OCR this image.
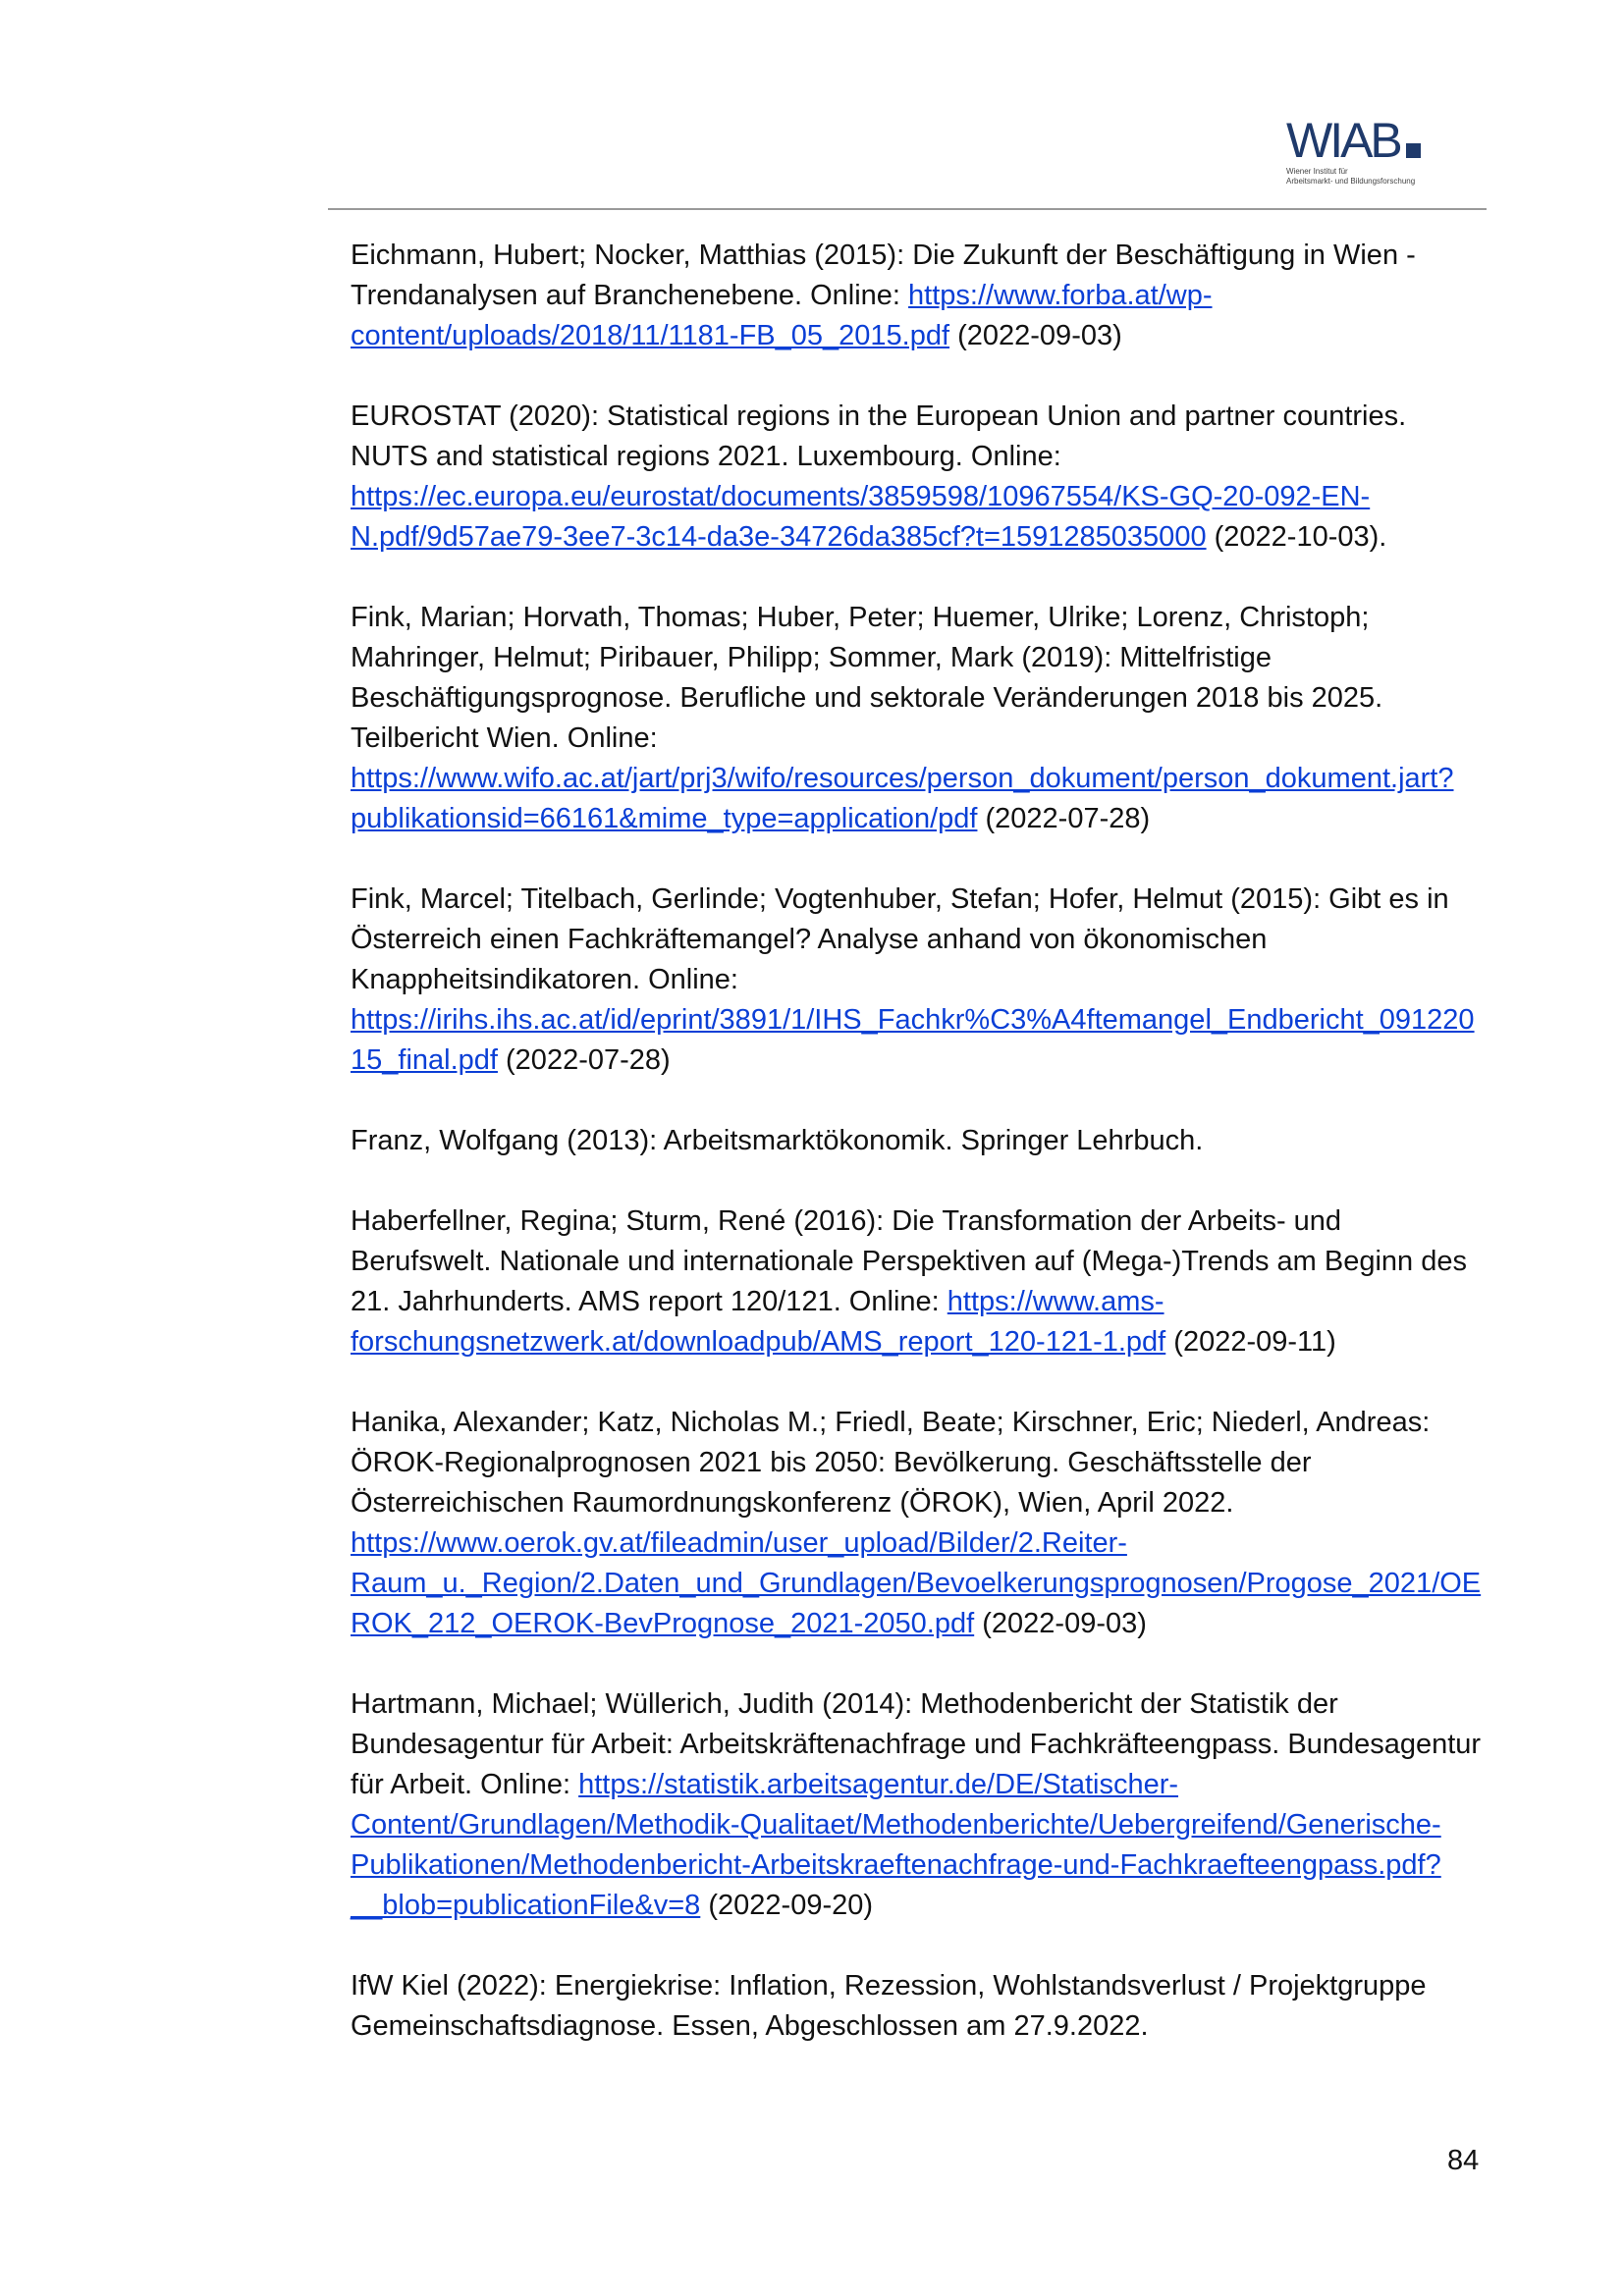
WIAB
Wiener Institut für
Arbeitsmarkt- und Bildungsforschung

Eichmann, Hubert; Nocker, Matthias (2015): Die Zukunft der Beschäftigung in Wien - Trendanalysen auf Branchenebene. Online: https://www.forba.at/wp-content/uploads/2018/11/1181-FB_05_2015.pdf (2022-09-03)

EUROSTAT (2020): Statistical regions in the European Union and partner countries. NUTS and statistical regions 2021. Luxembourg. Online: https://ec.europa.eu/eurostat/documents/3859598/10967554/KS-GQ-20-092-EN-N.pdf/9d57ae79-3ee7-3c14-da3e-34726da385cf?t=1591285035000 (2022-10-03).

Fink, Marian; Horvath, Thomas; Huber, Peter; Huemer, Ulrike; Lorenz, Christoph; Mahringer, Helmut; Piribauer, Philipp; Sommer, Mark (2019): Mittelfristige Beschäftigungsprognose. Berufliche und sektorale Veränderungen 2018 bis 2025. Teilbericht Wien. Online:
https://www.wifo.ac.at/jart/prj3/wifo/resources/person_dokument/person_dokument.jart?publikationsid=66161&mime_type=application/pdf (2022-07-28)

Fink, Marcel; Titelbach, Gerlinde; Vogtenhuber, Stefan; Hofer, Helmut (2015): Gibt es in Österreich einen Fachkräftemangel? Analyse anhand von ökonomischen Knappheitsindikatoren. Online:
https://irihs.ihs.ac.at/id/eprint/3891/1/IHS_Fachkr%C3%A4ftemangel_Endbericht_09122015_final.pdf (2022-07-28)

Franz, Wolfgang (2013): Arbeitsmarktökonomik. Springer Lehrbuch.

Haberfellner, Regina; Sturm, René (2016): Die Transformation der Arbeits- und Berufswelt. Nationale und internationale Perspektiven auf (Mega-)Trends am Beginn des 21. Jahrhunderts. AMS report 120/121. Online: https://www.ams-forschungsnetzwerk.at/downloadpub/AMS_report_120-121-1.pdf (2022-09-11)

Hanika, Alexander; Katz, Nicholas M.; Friedl, Beate; Kirschner, Eric; Niederl, Andreas: ÖROK-Regionalprognosen 2021 bis 2050: Bevölkerung. Geschäftsstelle der Österreichischen Raumordnungskonferenz (ÖROK), Wien, April 2022.
https://www.oerok.gv.at/fileadmin/user_upload/Bilder/2.Reiter-Raum_u._Region/2.Daten_und_Grundlagen/Bevoelkerungsprognosen/Progose_2021/OEROK_212_OEROK-BevPrognose_2021-2050.pdf (2022-09-03)

Hartmann, Michael; Wüllerich, Judith (2014): Methodenbericht der Statistik der Bundesagentur für Arbeit: Arbeitskräftenachfrage und Fachkräfteengpass. Bundesagentur für Arbeit. Online: https://statistik.arbeitsagentur.de/DE/Statischer-Content/Grundlagen/Methodik-Qualitaet/Methodenberichte/Uebergreifend/Generische-Publikationen/Methodenbericht-Arbeitskraeftenachfrage-und-Fachkraefteengpass.pdf?__blob=publicationFile&v=8 (2022-09-20)

IfW Kiel (2022): Energiekrise: Inflation, Rezession, Wohlstandsverlust / Projektgruppe Gemeinschaftsdiagnose. Essen, Abgeschlossen am 27.9.2022.

84
